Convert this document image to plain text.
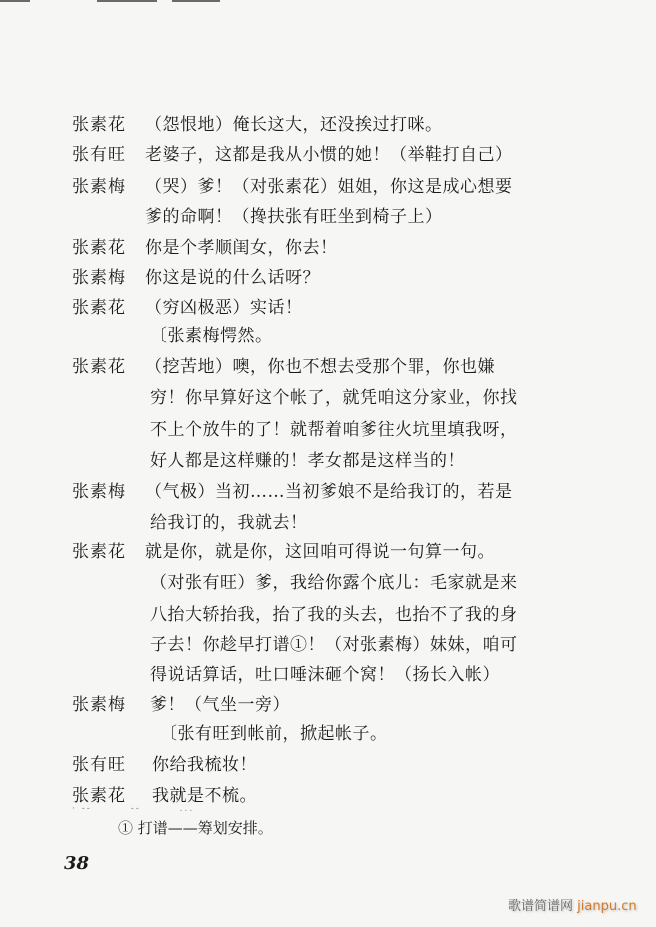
张素花 （怨恨地）俺长这大，还没挨过打咪。
张有旺 老婆子，这都是我从小惯的她！（举鞋打自己）
张素梅 （哭）爹！（对张素花）姐姐，你这是成心想要
爹的命啊！（搀扶张有旺坐到椅子上）
张素花 你是个孝顺闺女，你去！
张素梅 你这是说的什么话呀？
张素花 （穷凶极恶）实话！
〔张素梅愕然。
张素花 （挖苦地）噢，你也不想去受那个罪，你也嫌
穷！你早算好这个帐了，就凭咱这分家业，你找
不上个放牛的了！就帮着咱爹往火坑里填我呀，
好人都是这样赚的！孝女都是这样当的！
张素梅 （气极）当初……当初爹娘不是给我订的，若是
给我订的，我就去！
张素花 就是你，就是你，这回咱可得说一句算一句。
（对张有旺）爹，我给你露个底儿：毛家就是来
八抬大轿抬我，抬了我的头去，也抬不了我的身
子去！你趁早打谱①！（对张素梅）妹妹，咱可
得说话算话，吐口唾沫砸个窝！（扬长入帐）
张素梅 爹！（气坐一旁）
〔张有旺到帐前，掀起帐子。
张有旺 你给我梳妆！
张素花 我就是不梳。
· --        --        ...
① 打谱——筹划安排。
38
歌谱简谱网 jianpu.cn
